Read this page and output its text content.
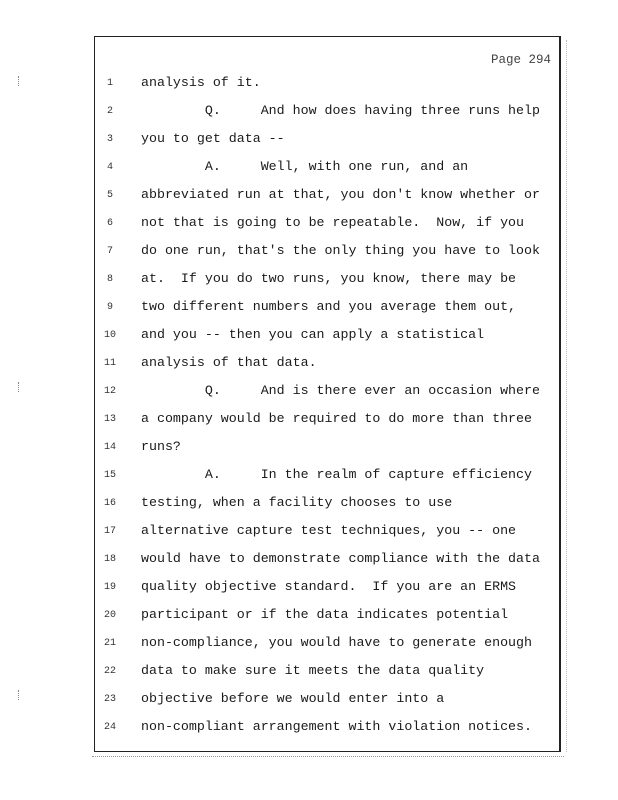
Page 294
1	analysis of it.
2	Q.     And how does having three runs help
3	you to get data --
4	A.     Well, with one run, and an
5	abbreviated run at that, you don't know whether or
6	not that is going to be repeatable.  Now, if you
7	do one run, that's the only thing you have to look
8	at.  If you do two runs, you know, there may be
9	two different numbers and you average them out,
10 and you -- then you can apply a statistical
11 analysis of that data.
12 Q.     And is there ever an occasion where
13 a company would be required to do more than three
14 runs?
15 A.     In the realm of capture efficiency
16 testing, when a facility chooses to use
17 alternative capture test techniques, you -- one
18 would have to demonstrate compliance with the data
19 quality objective standard.  If you are an ERMS
20 participant or if the data indicates potential
21 non-compliance, you would have to generate enough
22 data to make sure it meets the data quality
23 objective before we would enter into a
24 non-compliant arrangement with violation notices.
